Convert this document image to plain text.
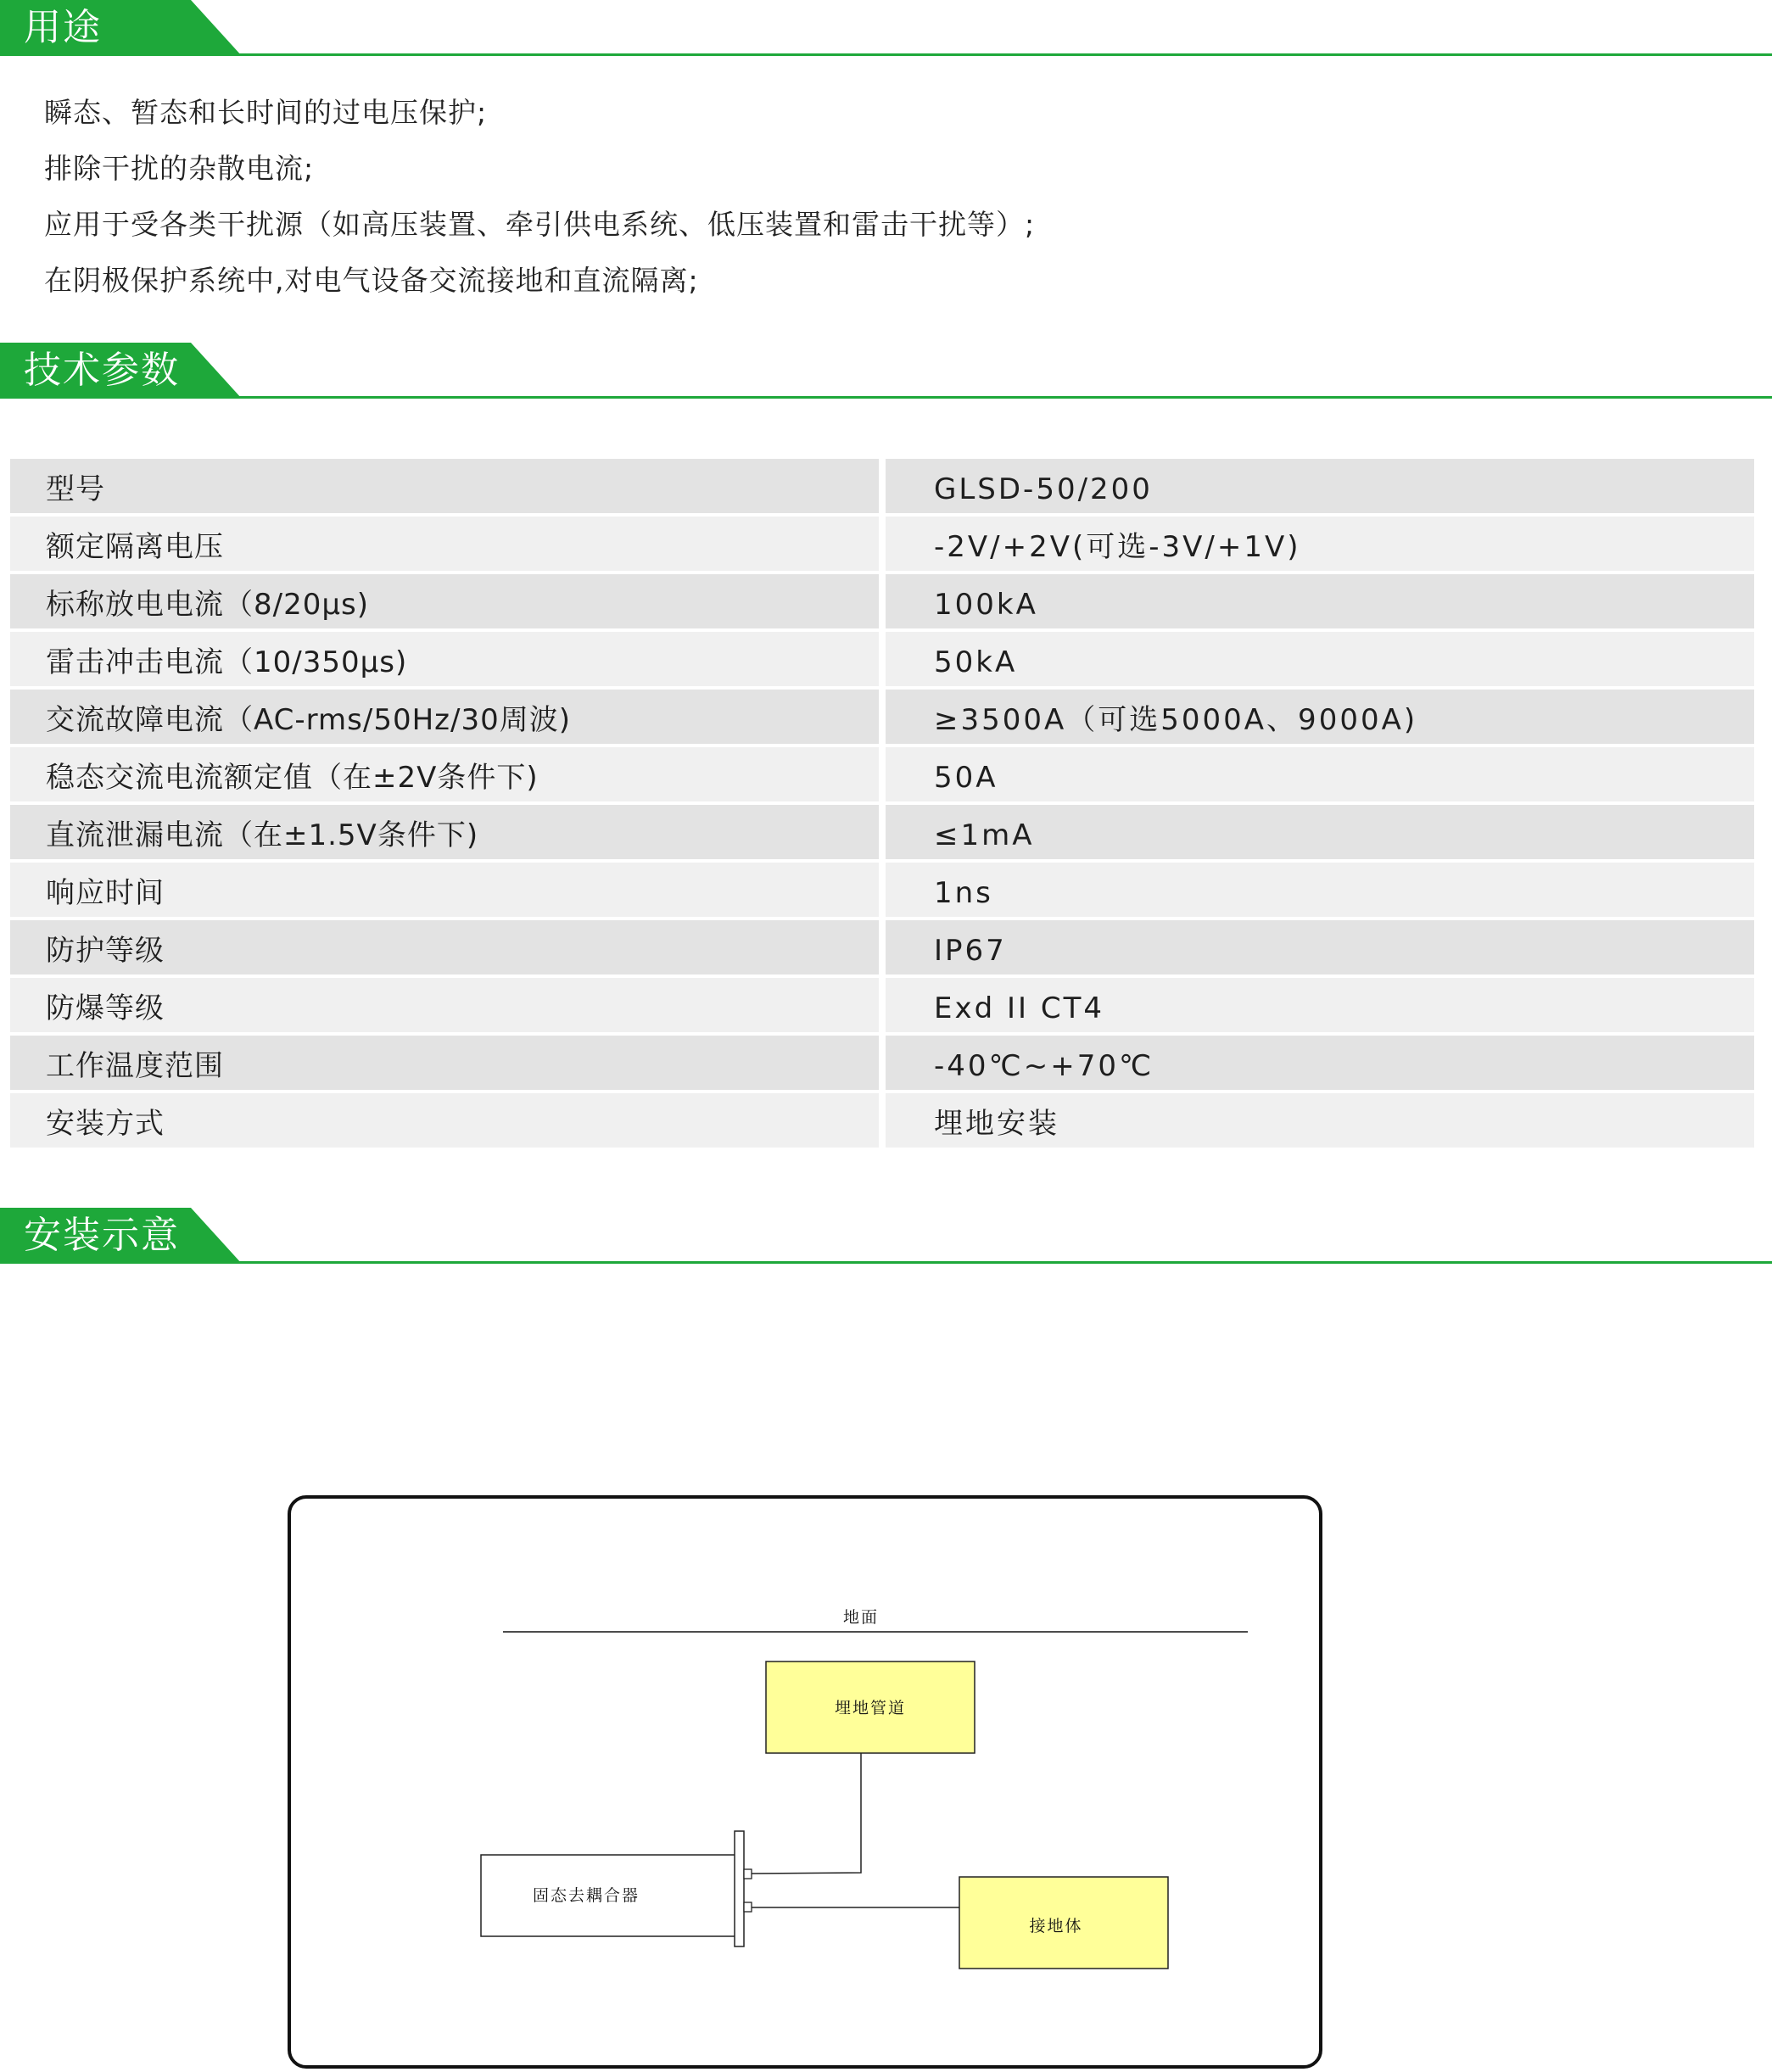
用途
瞬态、暂态和长时间的过电压保护;
排除干扰的杂散电流;
应用于受各类干扰源（如高压装置、牵引供电系统、低压装置和雷击干扰等）;
在阴极保护系统中,对电气设备交流接地和直流隔离;
技术参数
型号	GLSD-50/200
额定隔离电压	-2V/+2V(可选-3V/+1V)
标称放电电流（8/20μs)	100kA
雷击冲击电流（10/350μs)	50kA
交流故障电流（AC-rms/50Hz/30周波)	≥3500A（可选5000A、9000A)
稳态交流电流额定值（在±2V条件下)	50A
直流泄漏电流（在±1.5V条件下)	≤1mA
响应时间	1ns
防护等级	IP67
防爆等级	Exd II CT4
工作温度范围	-40℃~+70℃
安装方式	埋地安装
安装示意
地面
埋地管道
固态去耦合器
接地体
